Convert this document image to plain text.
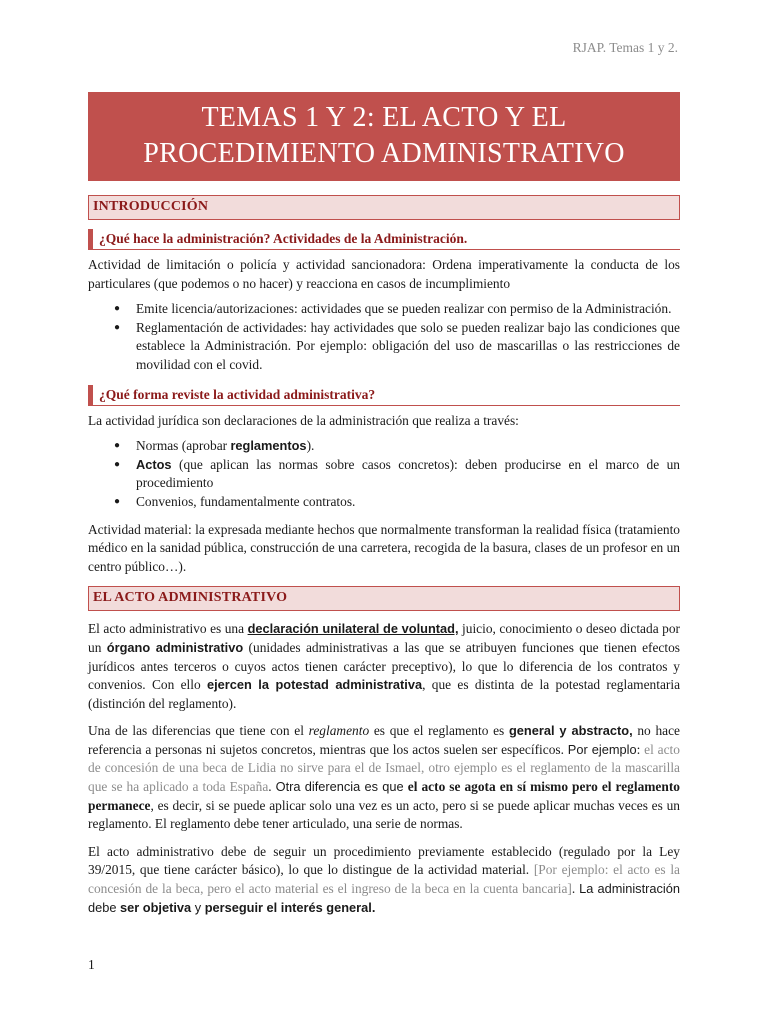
RJAP. Temas 1 y 2.
TEMAS 1 Y 2: EL ACTO Y EL
PROCEDIMIENTO ADMINISTRATIVO
INTRODUCCIÓN
¿Qué hace la administración? Actividades de la Administración.

Actividad de limitación o policía y actividad sancionadora: Ordena imperativamente la conducta de los particulares (que podemos o no hacer) y reacciona en casos de incumplimiento

● Emite licencia/autorizaciones: actividades que se pueden realizar con permiso de la Administración.
● Reglamentación de actividades: hay actividades que solo se pueden realizar bajo las condiciones que establece la Administración. Por ejemplo: obligación del uso de mascarillas o las restricciones de movilidad con el covid.
¿Qué forma reviste la actividad administrativa?

La actividad jurídica son declaraciones de la administración que realiza a través:

● Normas (aprobar reglamentos).
● Actos (que aplican las normas sobre casos concretos): deben producirse en el marco de un procedimiento
● Convenios, fundamentalmente contratos.

Actividad material: la expresada mediante hechos que normalmente transforman la realidad física (tratamiento médico en la sanidad pública, construcción de una carretera, recogida de la basura, clases de un profesor en un centro público…).

EL ACTO ADMINISTRATIVO

El acto administrativo es una declaración unilateral de voluntad, juicio, conocimiento o deseo dictada por un órgano administrativo (unidades administrativas a las que se atribuyen funciones que tienen efectos jurídicos antes terceros o cuyos actos tienen carácter preceptivo), lo que lo diferencia de los contratos y convenios. Con ello ejercen la potestad administrativa, que es distinta de la potestad reglamentaria (distinción del reglamento).

Una de las diferencias que tiene con el reglamento es que el reglamento es general y abstracto, no hace referencia a personas ni sujetos concretos, mientras que los actos suelen ser específicos. Por ejemplo: el acto de concesión de una beca de Lidia no sirve para el de Ismael, otro ejemplo es el reglamento de la mascarilla que se ha aplicado a toda España. Otra diferencia es que el acto se agota en sí mismo pero el reglamento permanece, es decir, si se puede aplicar solo una vez es un acto, pero si se puede aplicar muchas veces es un reglamento. El reglamento debe tener articulado, una serie de normas.

El acto administrativo debe de seguir un procedimiento previamente establecido (regulado por la Ley 39/2015, que tiene carácter básico), lo que lo distingue de la actividad material. [Por ejemplo: el acto es la concesión de la beca, pero el acto material es el ingreso de la beca en la cuenta bancaria]. La administración debe ser objetiva y perseguir el interés general.

1
